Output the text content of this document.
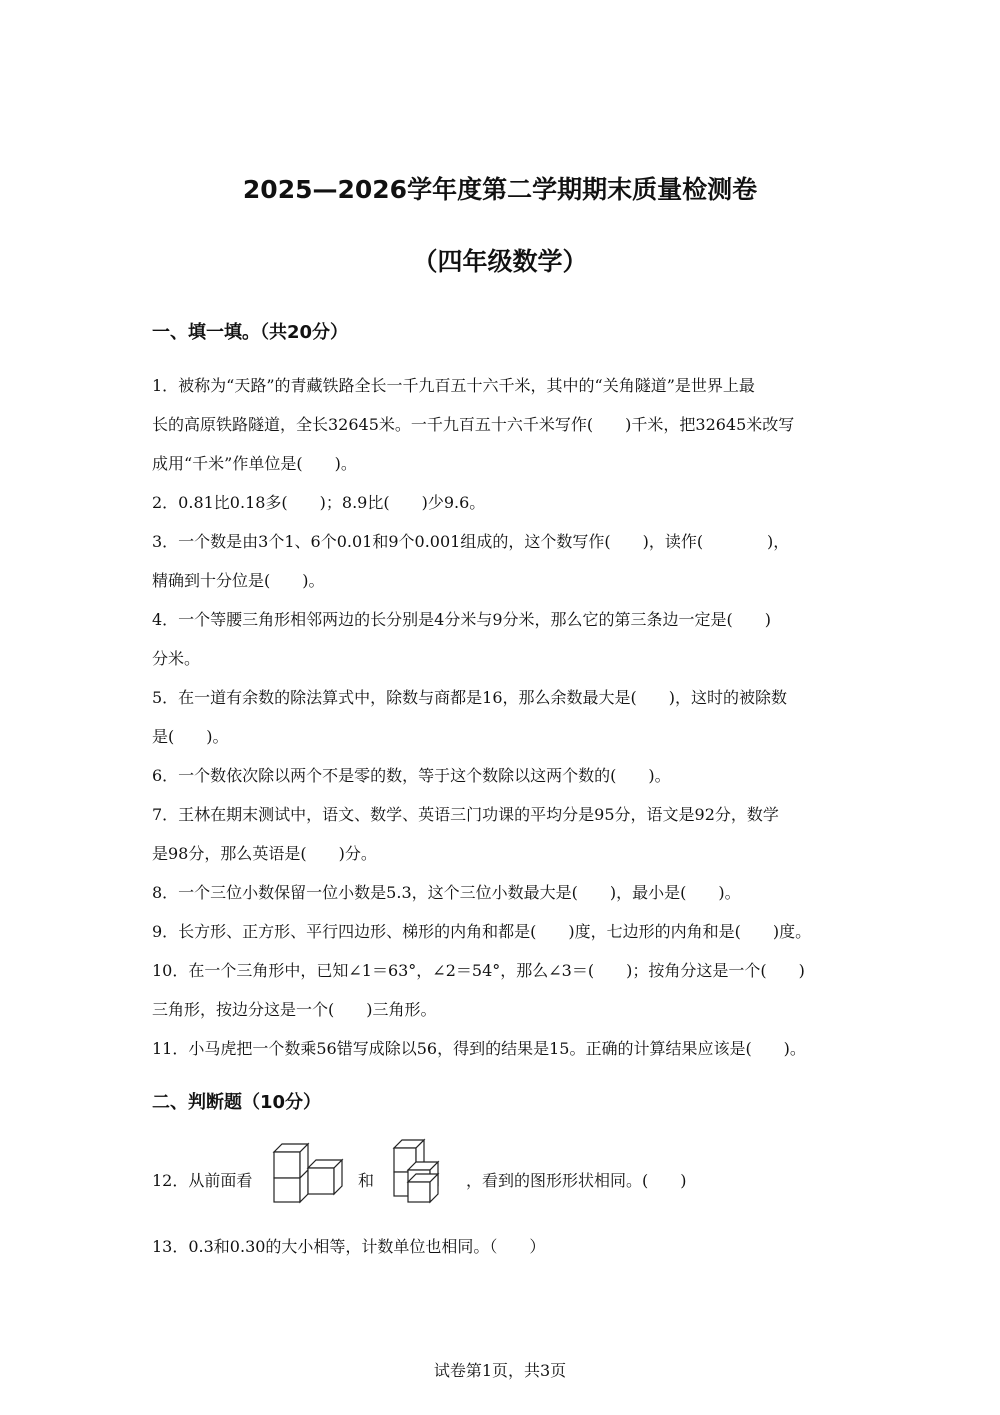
2025—2026学年度第二学期期末质量检测卷
（四年级数学）
一、填一填。（共20分）
1．被称为“天路”的青藏铁路全长一千九百五十六千米，其中的“关角隧道”是世界上最
长的高原铁路隧道，全长32645米。一千九百五十六千米写作(　　)千米，把32645米改写
成用“千米”作单位是(　　)。
2．0.81比0.18多(　　)；8.9比(　　)少9.6。
3．一个数是由3个1、6个0.01和9个0.001组成的，这个数写作(　　)，读作(　　　　)，
精确到十分位是(　　)。
4．一个等腰三角形相邻两边的长分别是4分米与9分米，那么它的第三条边一定是(　　)
分米。
5．在一道有余数的除法算式中，除数与商都是16，那么余数最大是(　　)，这时的被除数
是(　　)。
6．一个数依次除以两个不是零的数，等于这个数除以这两个数的(　　)。
7．王林在期末测试中，语文、数学、英语三门功课的平均分是95分，语文是92分，数学
是98分，那么英语是(　　)分。
8．一个三位小数保留一位小数是5.3，这个三位小数最大是(　　)，最小是(　　)。
9．长方形、正方形、平行四边形、梯形的内角和都是(　　)度，七边形的内角和是(　　)度。
10．在一个三角形中，已知∠1＝63°，∠2＝54°，那么∠3＝(　　)；按角分这是一个(　　)
三角形，按边分这是一个(　　)三角形。
11．小马虎把一个数乘56错写成除以56，得到的结果是15。正确的计算结果应该是(　　)。
二、判断题（10分）
12．从前面看	和	，看到的图形形状相同。(　　)
13．0.3和0.30的大小相等，计数单位也相同。（　　）
试卷第1页，共3页
